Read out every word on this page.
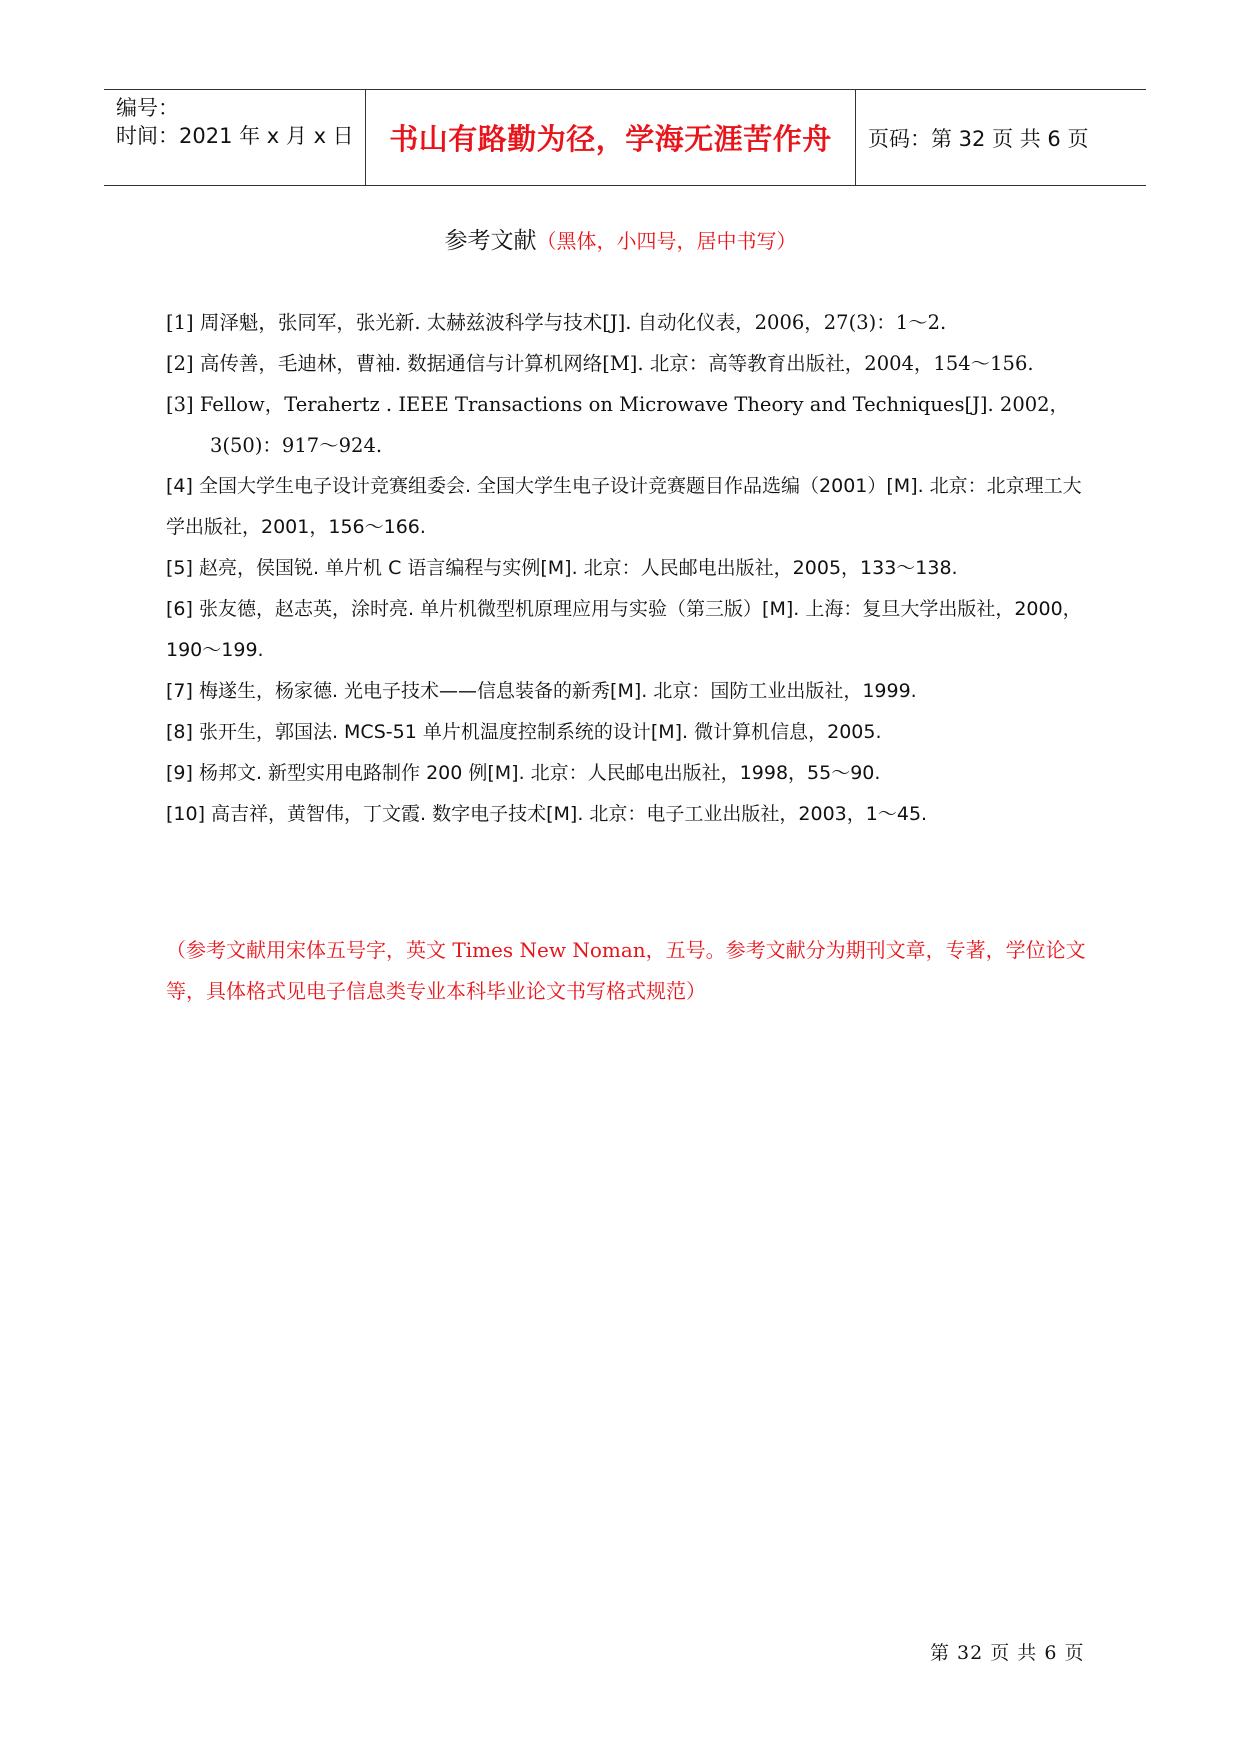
编号：
时间：2021 年 x 月 x 日	书山有路勤为径，学海无涯苦作舟	页码：第 32 页 共 6 页
参考文献（黑体，小四号，居中书写）

[1] 周泽魁，张同军，张光新. 太赫兹波科学与技术[J]. 自动化仪表，2006，27(3)：1～2.

[2] 高传善，毛迪林，曹袖. 数据通信与计算机网络[M]. 北京：高等教育出版社，2004，154～156.

[3] Fellow，Terahertz . IEEE Transactions on Microwave Theory and Techniques[J]. 2002，3(50)：917～924.

[4] 全国大学生电子设计竞赛组委会. 全国大学生电子设计竞赛题目作品选编（2001）[M]. 北京：北京理工大学出版社，2001，156～166.

[5] 赵亮，侯国锐. 单片机 C 语言编程与实例[M]. 北京：人民邮电出版社，2005，133～138.

[6] 张友德，赵志英，涂时亮. 单片机微型机原理应用与实验（第三版）[M]. 上海：复旦大学出版社，2000，190～199.

[7] 梅遂生，杨家德. 光电子技术——信息装备的新秀[M]. 北京：国防工业出版社，1999.

[8] 张开生，郭国法. MCS-51 单片机温度控制系统的设计[M]. 微计算机信息，2005.

[9] 杨邦文. 新型实用电路制作 200 例[M]. 北京：人民邮电出版社，1998，55～90.

[10] 高吉祥，黄智伟，丁文霞. 数字电子技术[M]. 北京：电子工业出版社，2003，1～45.

（参考文献用宋体五号字，英文 Times New Noman，五号。参考文献分为期刊文章，专著，学位论文等，具体格式见电子信息类专业本科毕业论文书写格式规范）
第 32 页 共 6 页
